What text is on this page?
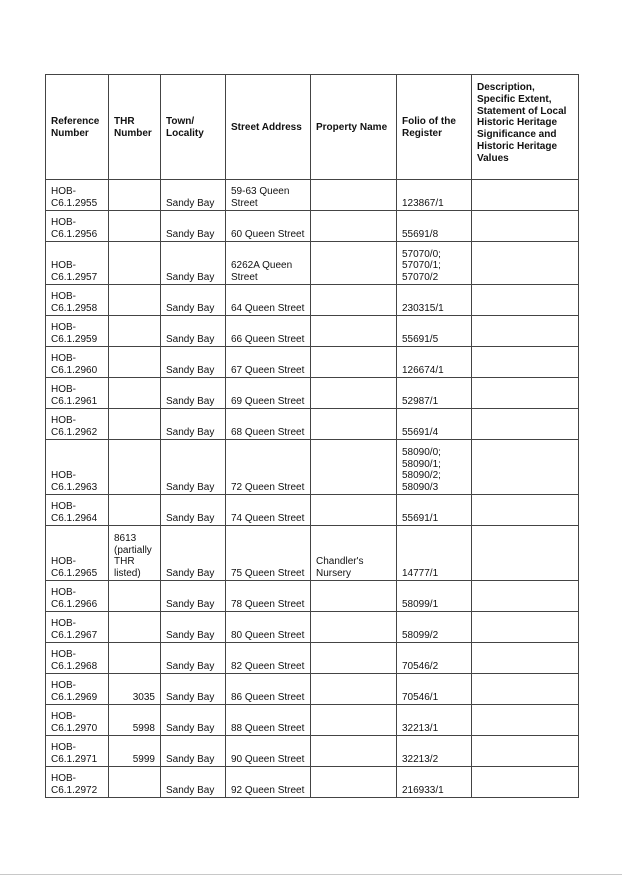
Reference Number	THR Number	Town/ Locality	Street Address	Property Name	Folio of the Register	Description, Specific Extent, Statement of Local Historic Heritage Significance and Historic Heritage Values
HOB-C6.1.2955		Sandy Bay	59-63 Queen Street		123867/1	
HOB-C6.1.2956		Sandy Bay	60 Queen Street		55691/8	
HOB-C6.1.2957		Sandy Bay	6262A Queen Street		57070/0; 57070/1; 57070/2	
HOB-C6.1.2958		Sandy Bay	64 Queen Street		230315/1	
HOB-C6.1.2959		Sandy Bay	66 Queen Street		55691/5	
HOB-C6.1.2960		Sandy Bay	67 Queen Street		126674/1	
HOB-C6.1.2961		Sandy Bay	69 Queen Street		52987/1	
HOB-C6.1.2962		Sandy Bay	68 Queen Street		55691/4	
HOB-C6.1.2963		Sandy Bay	72 Queen Street		58090/0; 58090/1; 58090/2; 58090/3	
HOB-C6.1.2964		Sandy Bay	74 Queen Street		55691/1	
HOB-C6.1.2965	8613 (partially THR listed)	Sandy Bay	75 Queen Street	Chandler's Nursery	14777/1	
HOB-C6.1.2966		Sandy Bay	78 Queen Street		58099/1	
HOB-C6.1.2967		Sandy Bay	80 Queen Street		58099/2	
HOB-C6.1.2968		Sandy Bay	82 Queen Street		70546/2	
HOB-C6.1.2969	3035	Sandy Bay	86 Queen Street		70546/1	
HOB-C6.1.2970	5998	Sandy Bay	88 Queen Street		32213/1	
HOB-C6.1.2971	5999	Sandy Bay	90 Queen Street		32213/2	
HOB-C6.1.2972		Sandy Bay	92 Queen Street		216933/1	
